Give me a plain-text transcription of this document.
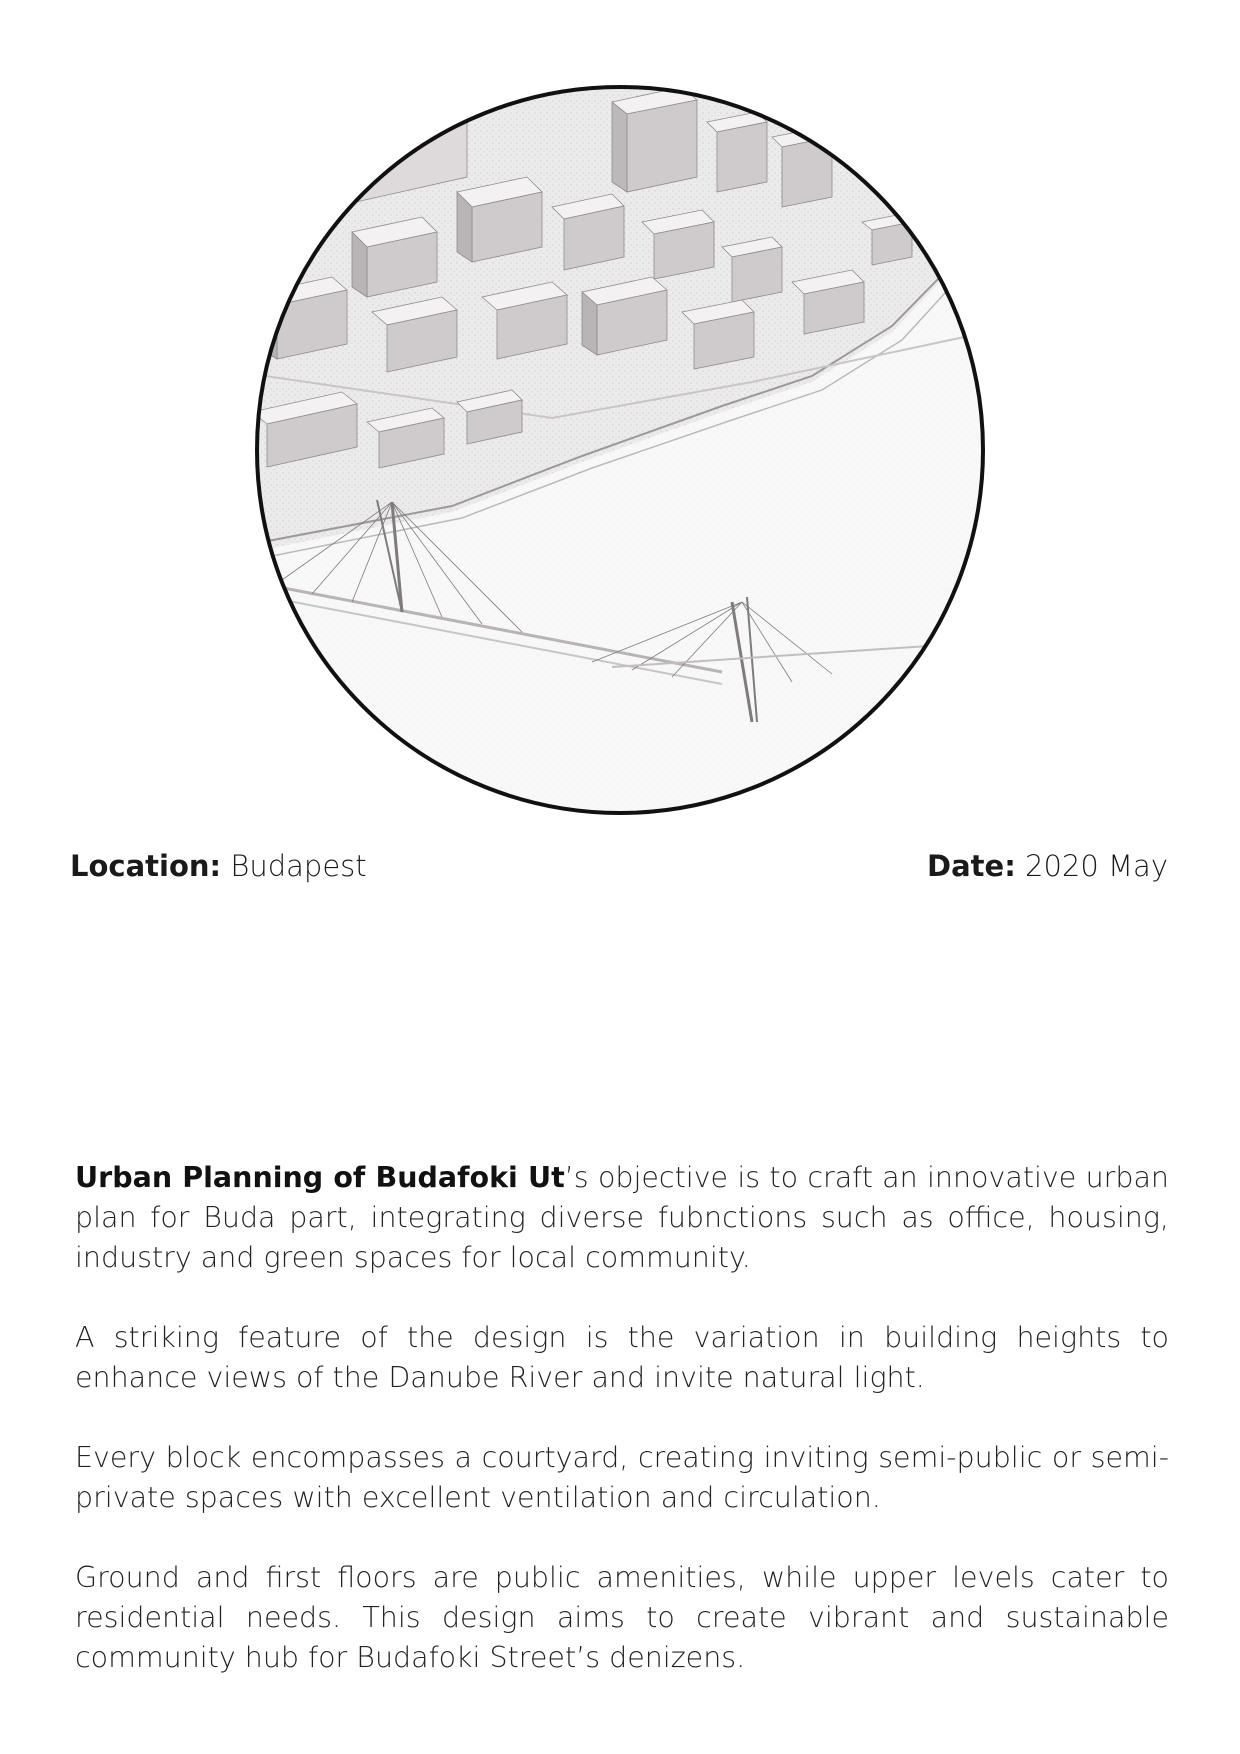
Location: Budapest	Date: 2020 May

Urban Planning of Budafoki Ut’s objective is to craft an innovative urban plan for Buda part, integrating diverse fubnctions such as office, housing, industry and green spaces for local community.

A striking feature of the design is the variation in building heights to enhance views of the Danube River and invite natural light.

Every block encompasses a courtyard, creating inviting semi-public or semi-private spaces with excellent ventilation and circulation.

Ground and first floors are public amenities, while upper levels cater to residential needs. This design aims to create vibrant and sustainable community hub for Budafoki Street’s denizens.
